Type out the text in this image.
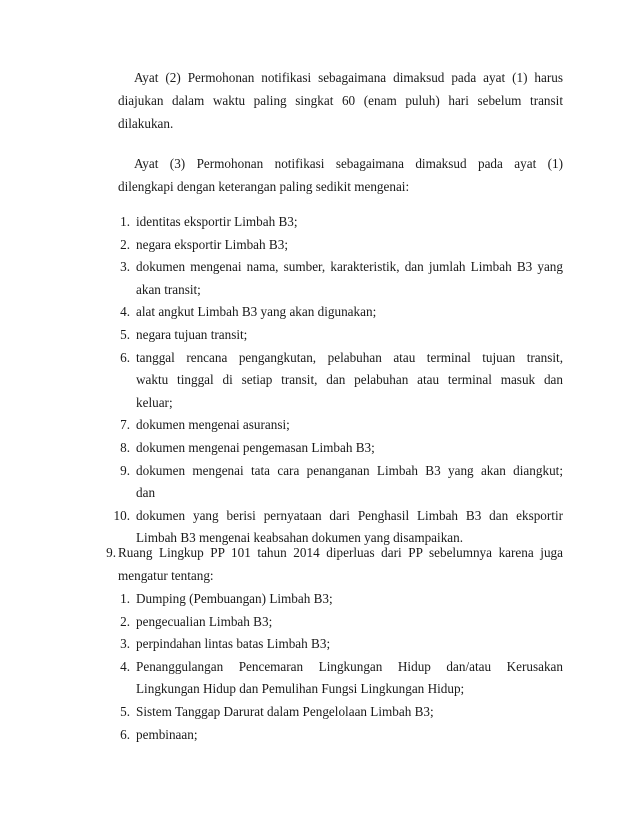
Ayat (2) Permohonan notifikasi sebagaimana dimaksud pada ayat (1) harus
diajukan dalam waktu paling singkat 60 (enam puluh) hari sebelum transit
dilakukan.
Ayat (3) Permohonan notifikasi sebagaimana dimaksud pada ayat (1)
dilengkapi dengan keterangan paling sedikit mengenai:
1. identitas eksportir Limbah B3;
2. negara eksportir Limbah B3;
3. dokumen mengenai nama, sumber, karakteristik, dan jumlah Limbah B3 yang
akan transit;
4. alat angkut Limbah B3 yang akan digunakan;
5. negara tujuan transit;
6. tanggal rencana pengangkutan, pelabuhan atau terminal tujuan transit,
waktu tinggal di setiap transit, dan pelabuhan atau terminal masuk dan
keluar;
7. dokumen mengenai asuransi;
8. dokumen mengenai pengemasan Limbah B3;
9. dokumen mengenai tata cara penanganan Limbah B3 yang akan diangkut;
dan
10. dokumen yang berisi pernyataan dari Penghasil Limbah B3 dan eksportir
Limbah B3 mengenai keabsahan dokumen yang disampaikan.
9. Ruang Lingkup PP 101 tahun 2014 diperluas dari PP sebelumnya karena juga
mengatur tentang:
1. Dumping (Pembuangan) Limbah B3;
2. pengecualian Limbah B3;
3. perpindahan lintas batas Limbah B3;
4. Penanggulangan Pencemaran Lingkungan Hidup dan/atau Kerusakan
Lingkungan Hidup dan Pemulihan Fungsi Lingkungan Hidup;
5. Sistem Tanggap Darurat dalam Pengelolaan Limbah B3;
6. pembinaan;
